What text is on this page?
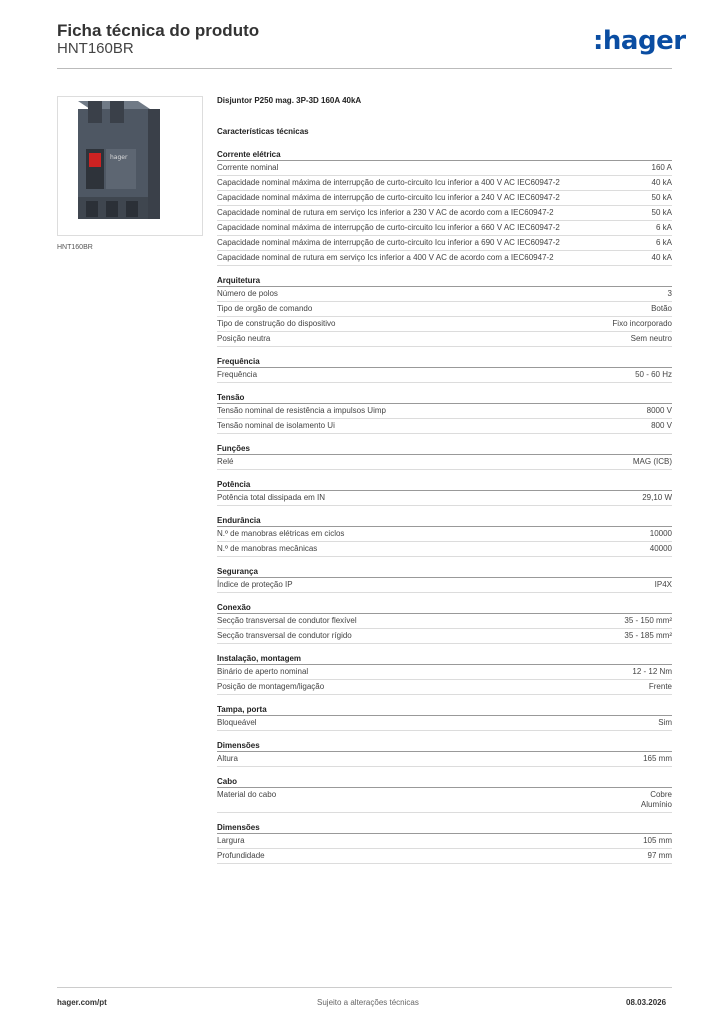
Ficha técnica do produto
HNT160BR	:hager
hager
HNT160BR
Disjuntor P250 mag. 3P-3D 160A 40kA
Características técnicas
Corrente elétrica
Corrente nominal	160 A
Capacidade nominal máxima de interrupção de curto-circuito Icu inferior a 400 V AC IEC60947-2	40 kA
Capacidade nominal máxima de interrupção de curto-circuito Icu inferior a 240 V AC IEC60947-2	50 kA
Capacidade nominal de rutura em serviço Ics inferior a 230 V AC de acordo com a IEC60947-2	50 kA
Capacidade nominal máxima de interrupção de curto-circuito Icu inferior a 660 V AC IEC60947-2	6 kA
Capacidade nominal máxima de interrupção de curto-circuito Icu inferior a 690 V AC IEC60947-2	6 kA
Capacidade nominal de rutura em serviço Ics inferior a 400 V AC de acordo com a IEC60947-2	40 kA
Arquitetura
Número de polos	3
Tipo de orgão de comando	Botão
Tipo de construção do dispositivo	Fixo incorporado
Posição neutra	Sem neutro
Frequência
Frequência	50 - 60 Hz
Tensão
Tensão nominal de resistência a impulsos Uimp	8000 V
Tensão nominal de isolamento Ui	800 V
Funções
Relé	MAG (ICB)
Potência
Potência total dissipada em IN	29,10 W
Endurância
N.º de manobras elétricas em ciclos	10000
N.º de manobras mecânicas	40000
Segurança
Índice de proteção IP	IP4X
Conexão
Secção transversal de condutor flexível	35 - 150 mm²
Secção transversal de condutor rígido	35 - 185 mm²
Instalação, montagem
Binário de aperto nominal	12 - 12 Nm
Posição de montagem/ligação	Frente
Tampa, porta
Bloqueável	Sim
Dimensões
Altura	165 mm
Cabo
Material do cabo	Cobre
Alumínio
Dimensões
Largura	105 mm
Profundidade	97 mm
hager.com/pt	Sujeito a alterações técnicas	08.03.2026
